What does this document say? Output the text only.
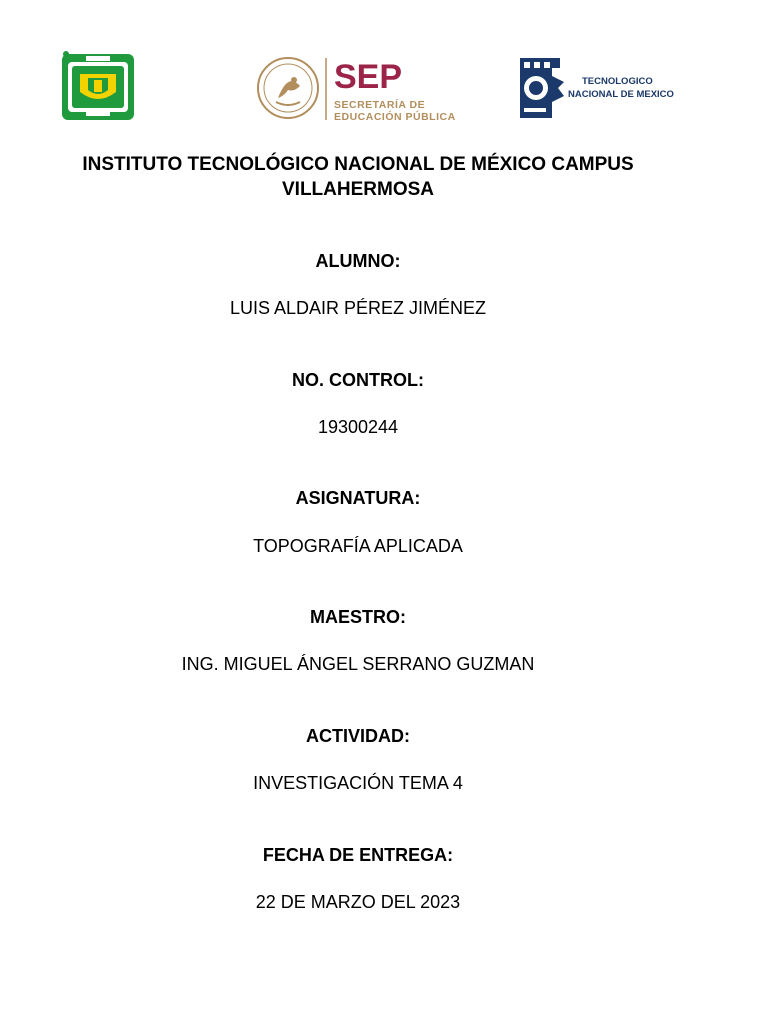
SEP
SECRETARÍA DE
EDUCACIÓN PÚBLICA
TECNOLOGICO
NACIONAL DE MEXICO
INSTITUTO TECNOLÓGICO NACIONAL DE MÉXICO CAMPUS VILLAHERMOSA
ALUMNO:
LUIS ALDAIR PÉREZ JIMÉNEZ
NO. CONTROL:
19300244
ASIGNATURA:
TOPOGRAFÍA APLICADA
MAESTRO:
ING. MIGUEL ÁNGEL SERRANO GUZMAN
ACTIVIDAD:
INVESTIGACIÓN TEMA 4
FECHA DE ENTREGA:
22 DE MARZO DEL 2023
